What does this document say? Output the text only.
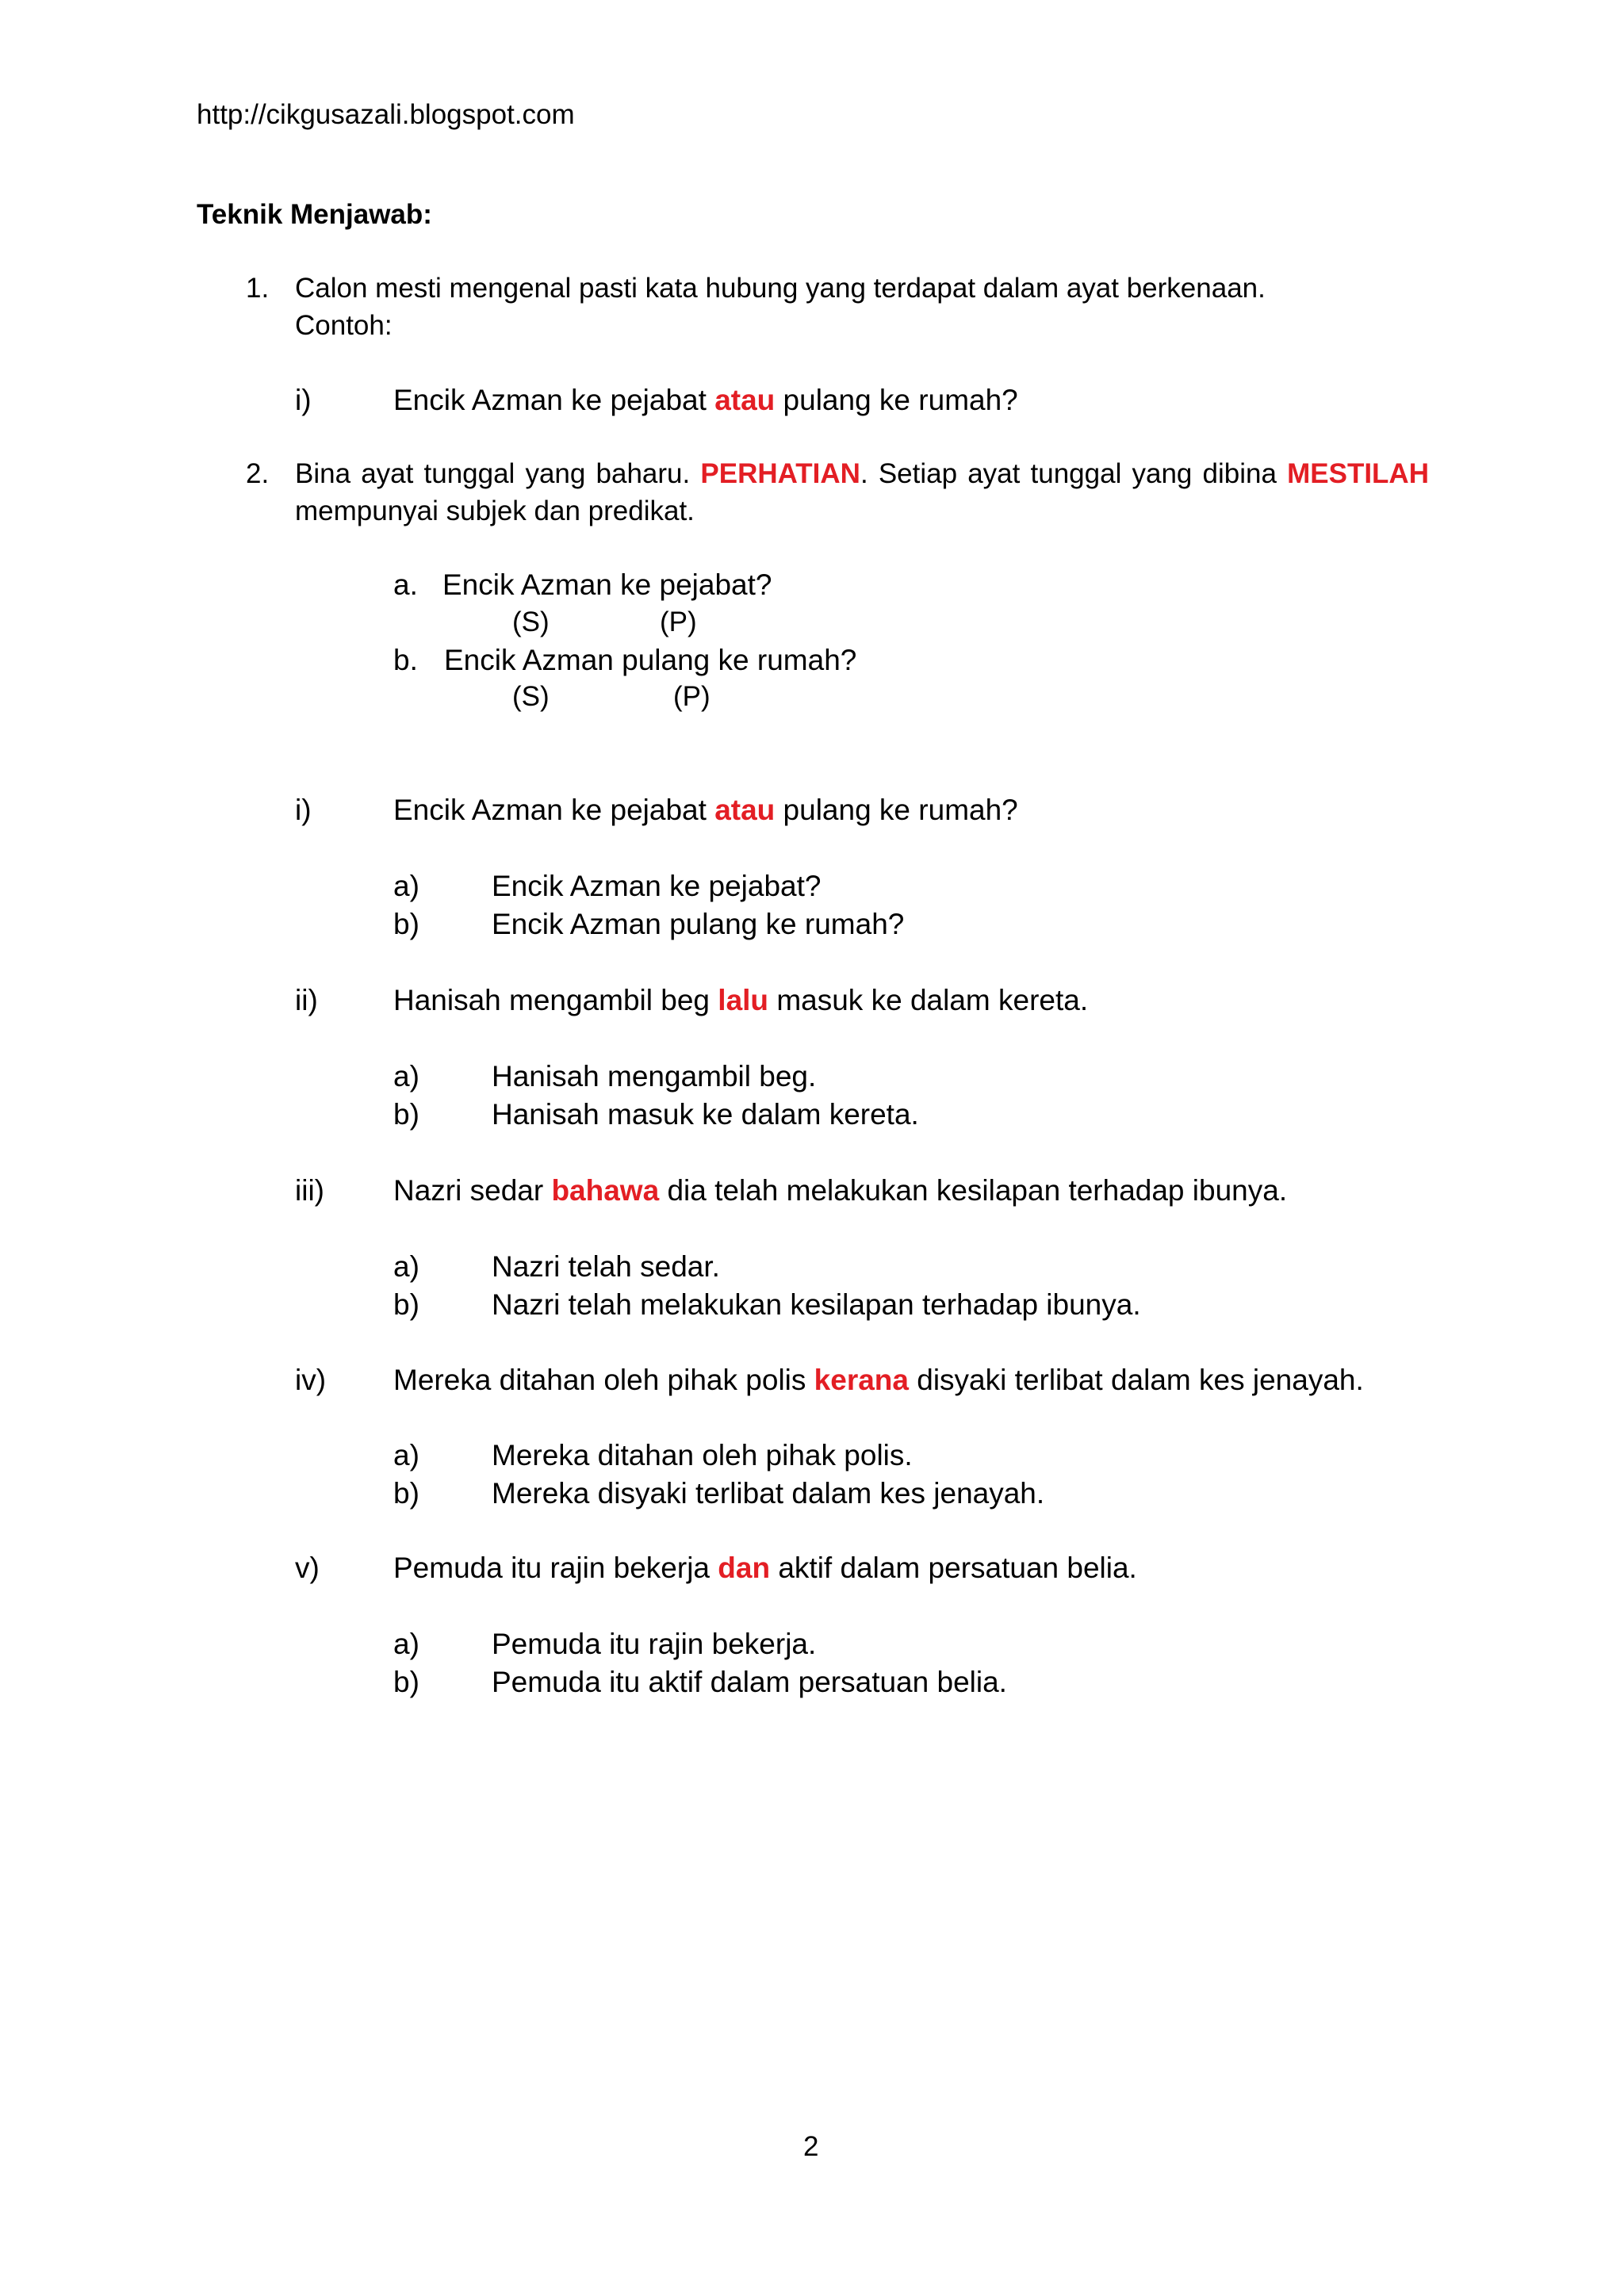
http://cikgusazali.blogspot.com
Teknik Menjawab:
1. Calon mesti mengenal pasti kata hubung yang terdapat dalam ayat berkenaan.
Contoh:
i)	Encik Azman ke pejabat atau pulang ke rumah?
2. Bina ayat tunggal yang baharu. PERHATIAN. Setiap ayat tunggal yang dibina MESTILAH
mempunyai subjek dan predikat.
a. Encik Azman ke pejabat?
(S)	(P)
b. Encik Azman pulang ke rumah?
(S)	(P)
i)	Encik Azman ke pejabat atau pulang ke rumah?
a) Encik Azman ke pejabat?
b) Encik Azman pulang ke rumah?
ii)	Hanisah mengambil beg lalu masuk ke dalam kereta.
a) Hanisah mengambil beg.
b) Hanisah masuk ke dalam kereta.
iii) Nazri sedar bahawa dia telah melakukan kesilapan terhadap ibunya.
a) Nazri telah sedar.
b) Nazri telah melakukan kesilapan terhadap ibunya.
iv) Mereka ditahan oleh pihak polis kerana disyaki terlibat dalam kes jenayah.
a) Mereka ditahan oleh pihak polis.
b) Mereka disyaki terlibat dalam kes jenayah.
v)	Pemuda itu rajin bekerja dan aktif dalam persatuan belia.
a) Pemuda itu rajin bekerja.
b) Pemuda itu aktif dalam persatuan belia.
2
